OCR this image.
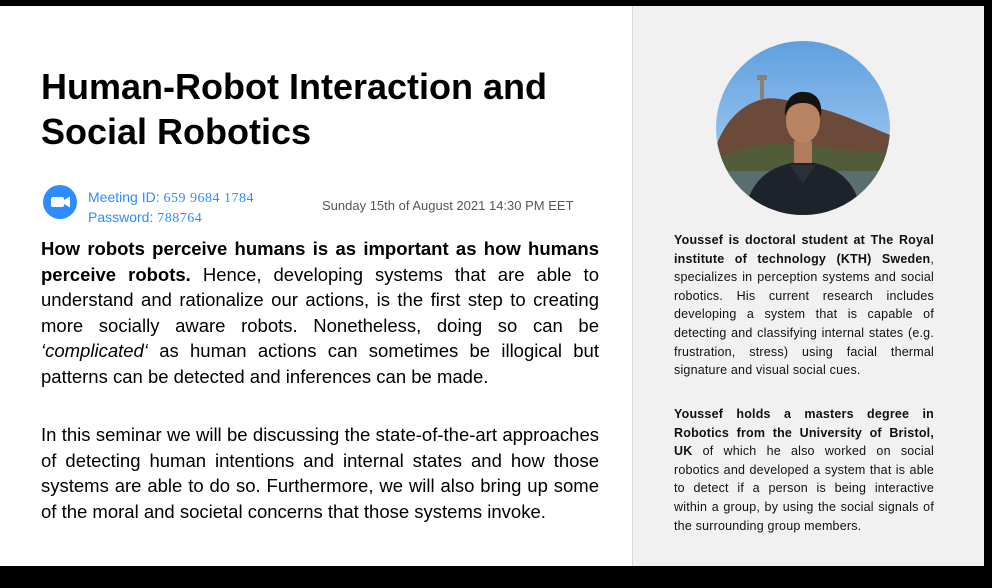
Human-Robot Interaction and Social Robotics
Meeting ID: 659 9684 1784
Password: 788764
Sunday 15th of August 2021 14:30 PM EET

How robots perceive humans is as important as how humans perceive robots. Hence, developing systems that are able to understand and rationalize our actions, is the first step to creating more socially aware robots. Nonetheless, doing so can be ‘complicated‘ as human actions can sometimes be illogical but patterns can be detected and inferences can be made.

In this seminar we will be discussing the state-of-the-art approaches of detecting human intentions and internal states and how those systems are able to do so. Furthermore, we will also bring up some of the moral and societal concerns that those systems invoke.

Youssef is doctoral student at The Royal institute of technology (KTH) Sweden, specializes in perception systems and social robotics. His current research includes developing a system that is capable of detecting and classifying internal states (e.g. frustration, stress) using facial thermal signature and visual social cues.

Youssef holds a masters degree in Robotics from the University of Bristol, UK of which he also worked on social robotics and developed a system that is able to detect if a person is being interactive within a group, by using the social signals of the surrounding group members.
